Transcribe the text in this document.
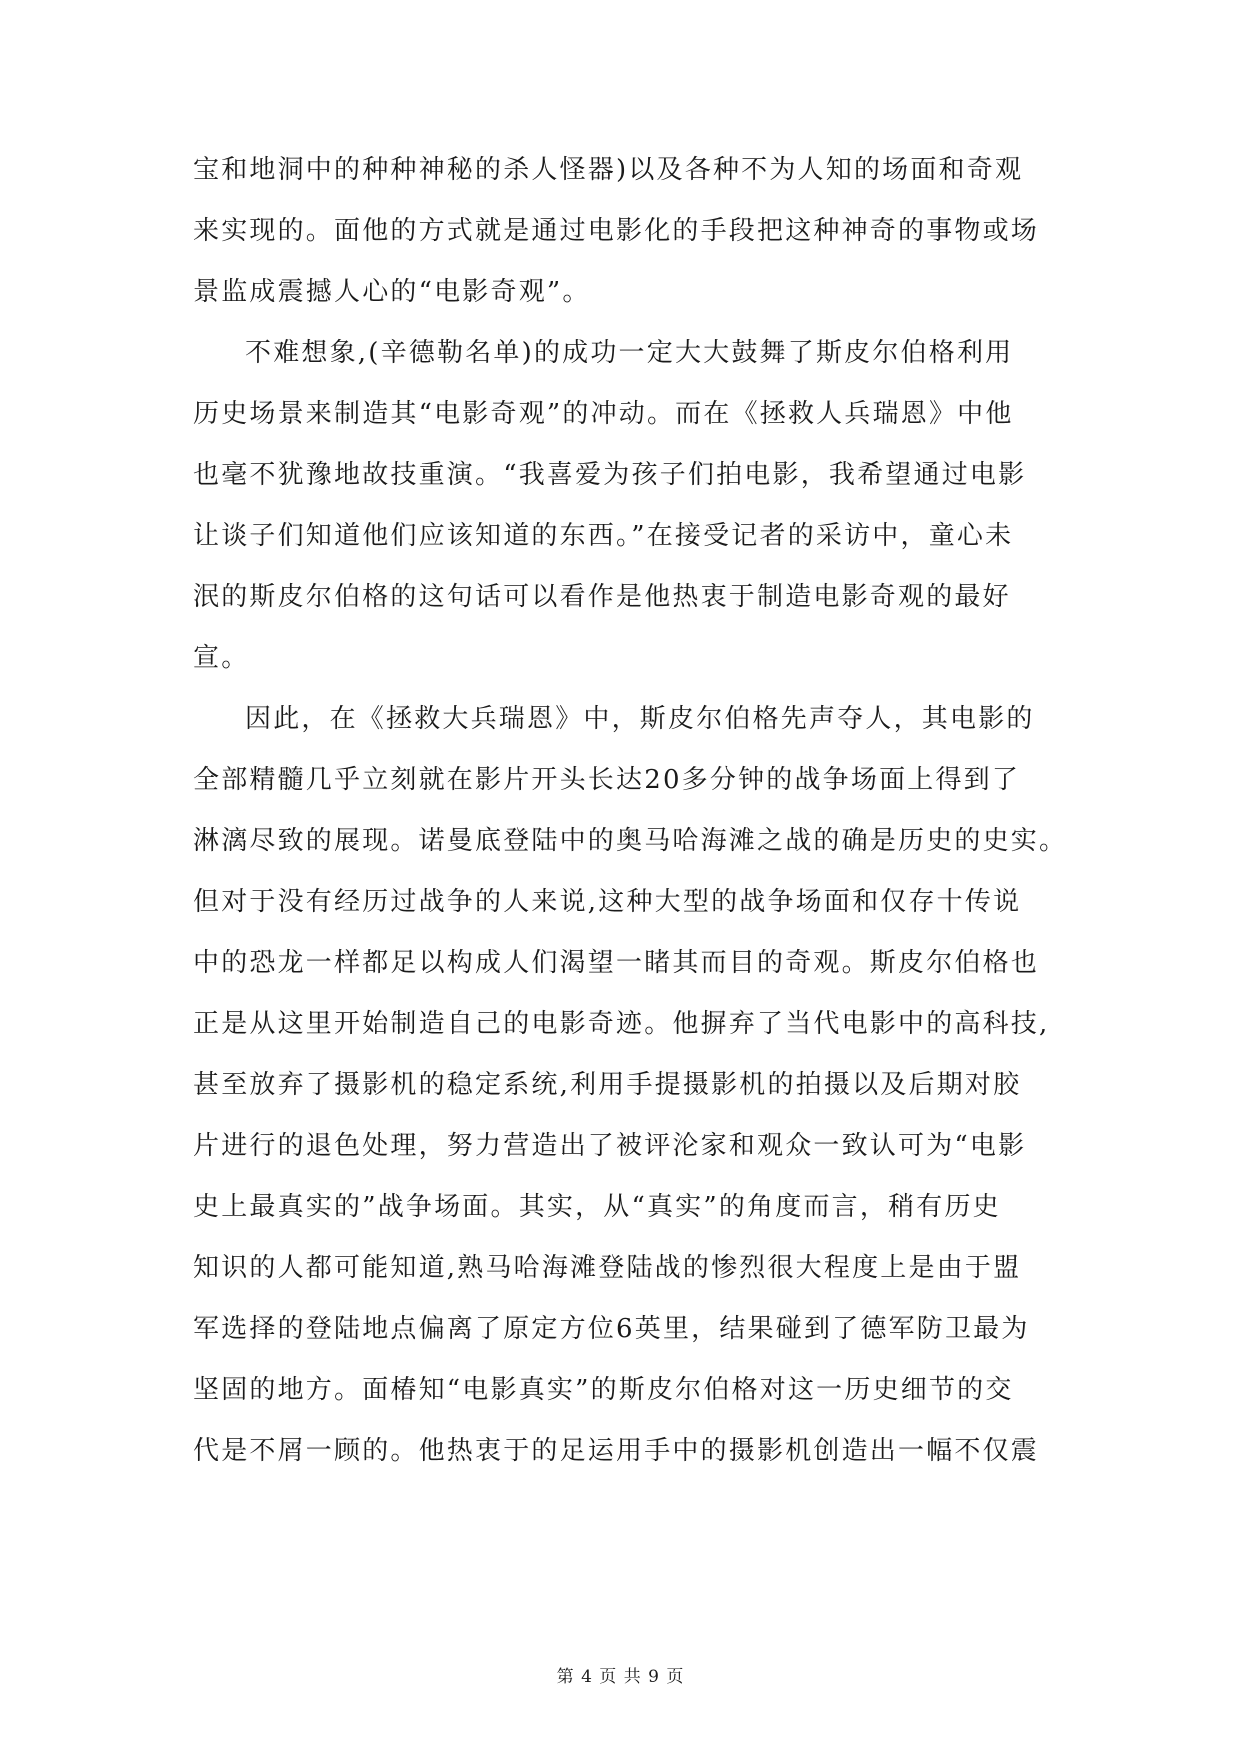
宝和地洞中的种种神秘的杀人怪器)以及各种不为人知的场面和奇观
来实现的。面他的方式就是通过电影化的手段把这种神奇的事物或场
景监成震撼人心的“电影奇观”。
不难想象,(辛德勒名单)的成功一定大大鼓舞了斯皮尔伯格利用
历史场景来制造其“电影奇观”的冲动。而在《拯救人兵瑞恩》中他
也毫不犹豫地故技重演。“我喜爱为孩子们拍电影，我希望通过电影
让谈子们知道他们应该知道的东西。”在接受记者的采访中，童心未
泯的斯皮尔伯格的这句话可以看作是他热衷于制造电影奇观的最好
宣。
因此，在《拯救大兵瑞恩》中，斯皮尔伯格先声夺人，其电影的
全部精髓几乎立刻就在影片开头长达20多分钟的战争场面上得到了
淋漓尽致的展现。诺曼底登陆中的奥马哈海滩之战的确是历史的史实。
但对于没有经历过战争的人来说,这种大型的战争场面和仅存十传说
中的恐龙一样都足以构成人们渴望一睹其而目的奇观。斯皮尔伯格也
正是从这里开始制造自己的电影奇迹。他摒弃了当代电影中的高科技,
甚至放弃了摄影机的稳定系统,利用手提摄影机的拍摄以及后期对胶
片进行的退色处理，努力营造出了被评沦家和观众一致认可为“电影
史上最真实的”战争场面。其实，从“真实”的角度而言，稍有历史
知识的人都可能知道,熟马哈海滩登陆战的惨烈很大程度上是由于盟
军选择的登陆地点偏离了原定方位6英里，结果碰到了德军防卫最为
坚固的地方。面椿知“电影真实”的斯皮尔伯格对这一历史细节的交
代是不屑一顾的。他热衷于的足运用手中的摄影机创造出一幅不仅震
第 4 页 共 9 页
